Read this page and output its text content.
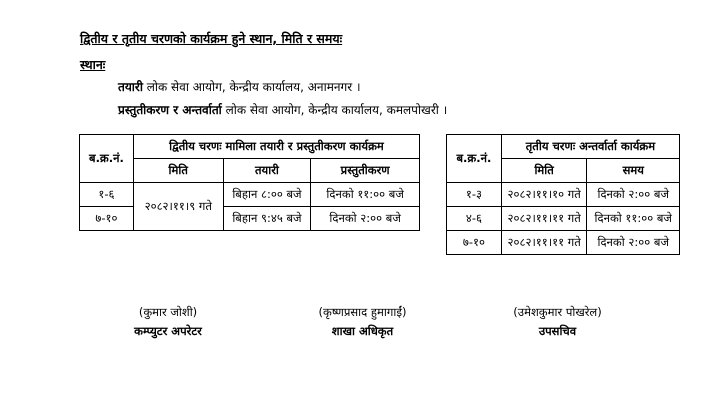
द्वितीय र तृतीय चरणको कार्यक्रम हुने स्थान, मिति र समयः
स्थानः
तयारी लोक सेवा आयोग, केन्द्रीय कार्यालय, अनामनगर ।
प्रस्तुतीकरण र अन्तर्वार्ता लोक सेवा आयोग, केन्द्रीय कार्यालय, कमलपोखरी ।
ब.क्र.नं.	द्वितीय चरणः मामिला तयारी र प्रस्तुतीकरण कार्यक्रम		
	मिति	तयारी	प्रस्तुतीकरण
१-६	२०८२।११।९ गते	बिहान ८:०० बजे	दिनको ११:०० बजे
७-१०		बिहान ९:४५ बजे	दिनको २:०० बजे
ब.क्र.नं.	तृतीय चरणः अन्तर्वार्ता कार्यक्रम	
	मिति	समय
१-३	२०८२।११।१० गते	दिनको २:०० बजे
४-६	२०८२।११।११ गते	दिनको ११:०० बजे
७-१०	२०८२।११।११ गते	दिनको २:०० बजे
(कुमार जोशी)
कम्प्युटर अपरेटर
(कृष्णप्रसाद हुमागाईं)
शाखा अधिकृत
(उमेशकुमार पोखरेल)
उपसचिव
